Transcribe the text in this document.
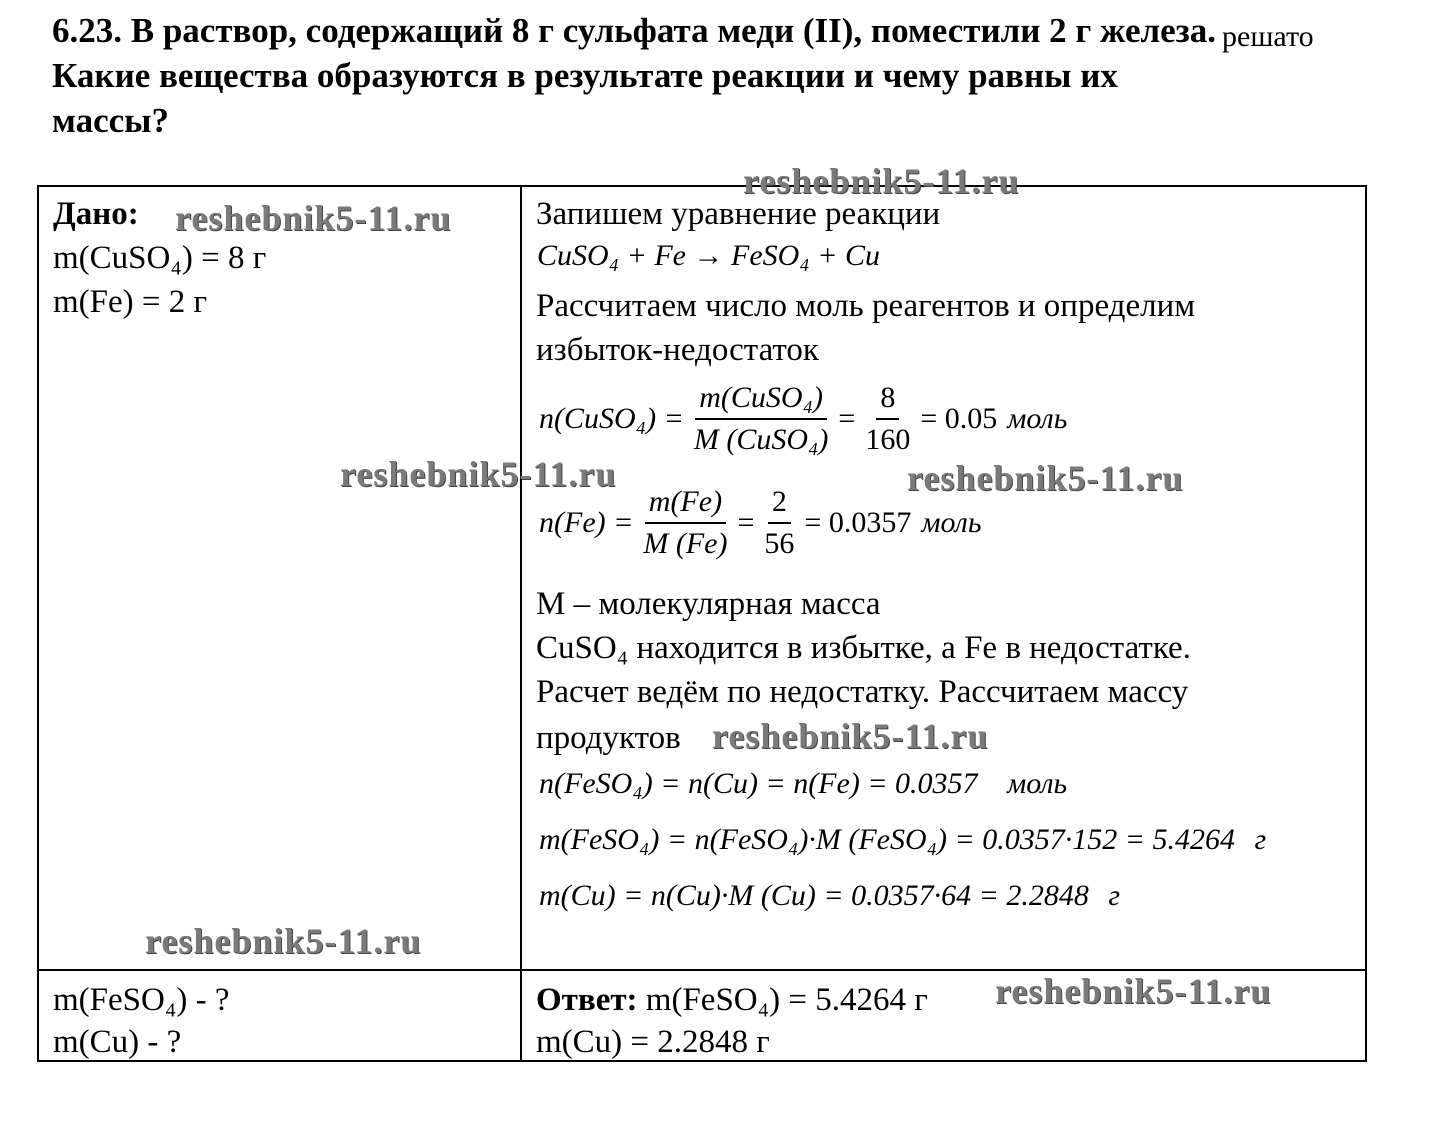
6.23. В раствор, содержащий 8 г сульфата меди (II), поместили 2 г железа.
Какие вещества образуются в результате реакции и чему равны их
массы?
решато
Дано:
m(CuSO₄) = 8 г
m(Fe) = 2 г
m(FeSO₄) - ?
m(Cu) - ?
Запишем уравнение реакции
CuSO₄ + Fe → FeSO₄ + Cu
Рассчитаем число моль реагентов и определим
избыток-недостаток
n(CuSO₄) = $\frac{\text{m(CuSO₄)}}{\text{M (CuSO₄)}} = \frac{8}{160} = 0.05$ моль
$n(Fe) = \frac{m(Fe)}{M (Fe)} = \frac{2}{56} = 0.0357$ моль
M – молекулярная масса
CuSO₄ находится в избытке, а Fe в недостатке.
Расчет ведём по недостатку. Рассчитаем массу
продуктов
n(FeSO₄) = n(Cu) = n(Fe) = 0.0357 моль
m(FeSO₄) = n(FeSO₄)·M (FeSO₄) = 0.0357·152 = 5.4264 г
m(Cu) = n(Cu)·M (Cu) = 0.0357·64 = 2.2848 г
Ответ: m(FeSO₄) = 5.4264 г
m(Cu) = 2.2848 г
reshebnik5-11.ru
reshebnik5-11.ru
reshebnik5-11.ru	reshebnik5-11.ru
reshebnik5-11.ru
reshebnik5-11.ru
reshebnik5-11.ru
